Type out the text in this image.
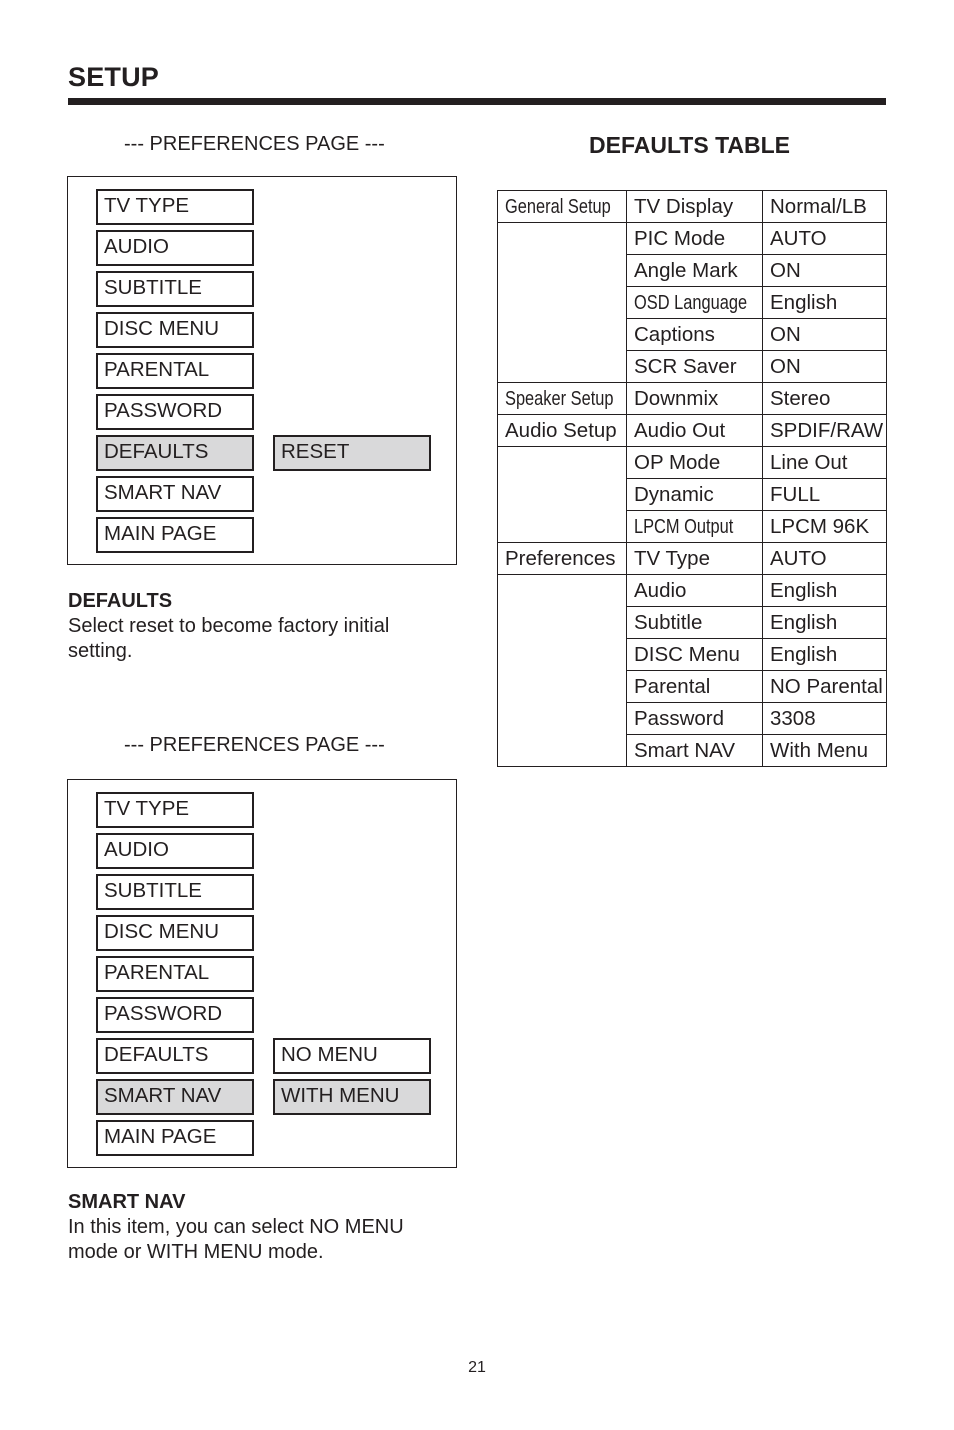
SETUP
--- PREFERENCES PAGE ---
TV TYPE
AUDIO
SUBTITLE
DISC MENU
PARENTAL
PASSWORD
DEFAULTS
SMART NAV
MAIN PAGE
RESET
DEFAULTS
Select reset to become factory initial
setting.
--- PREFERENCES PAGE ---
TV TYPE
AUDIO
SUBTITLE
DISC MENU
PARENTAL
PASSWORD
DEFAULTS
SMART NAV
MAIN PAGE
NO MENU
WITH MENU
SMART NAV
In this item, you can select NO MENU
mode or WITH MENU mode.
DEFAULTS TABLE
General Setup	TV Display	Normal/LB
	PIC Mode	AUTO
	Angle Mark	ON
	OSD Language	English
	Captions	ON
	SCR Saver	ON
Speaker Setup	Downmix	Stereo
Audio Setup	Audio Out	SPDIF/RAW
	OP Mode	Line Out
	Dynamic	FULL
	LPCM Output	LPCM 96K
Preferences	TV Type	AUTO
	Audio	English
	Subtitle	English
	DISC Menu	English
	Parental	NO Parental
	Password	3308
	Smart NAV	With Menu
21
